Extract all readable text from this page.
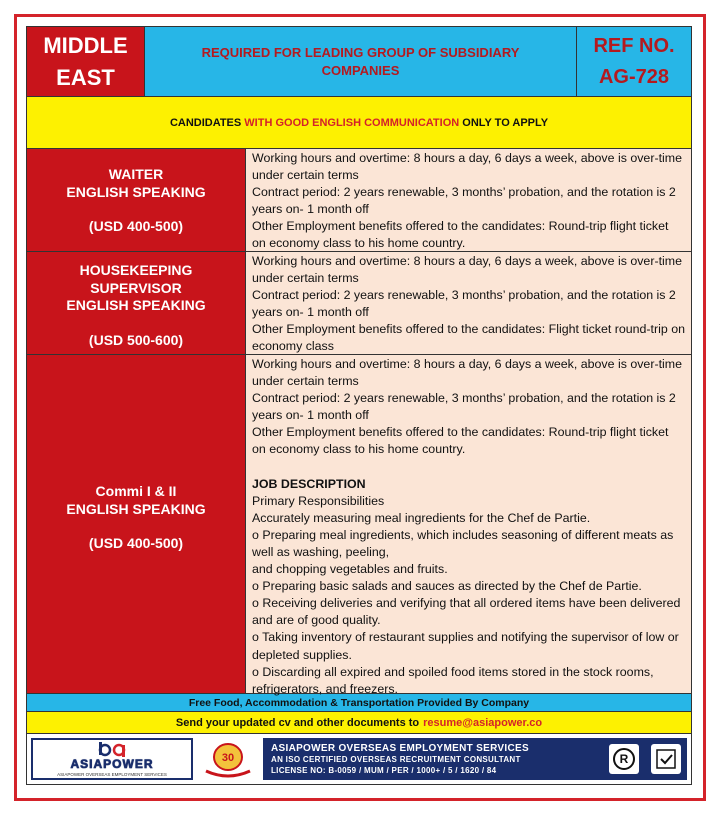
MIDDLE
EAST
REQUIRED FOR LEADING GROUP OF SUBSIDIARY COMPANIES
REF NO.
AG-728
CANDIDATES
WITH GOOD ENGLISH COMMUNICATION
ONLY TO APPLY
WAITER
ENGLISH SPEAKING
(USD 400-500)

Working hours and overtime: 8 hours a day, 6 days a week, above is over-time under certain terms

Contract period: 2 years renewable, 3 months’ probation, and the rotation is 2 years on- 1 month off

Other Employment benefits offered to the candidates: Round-trip flight ticket on economy class to his home country.

HOUSEKEEPING
SUPERVISOR
ENGLISH SPEAKING
(USD 500-600)

Working hours and overtime: 8 hours a day, 6 days a week, above is over-time under certain terms

Contract period: 2 years renewable, 3 months’ probation, and the rotation is 2 years on- 1 month off

Other Employment benefits offered to the candidates: Flight ticket round-trip on economy class

Commi I & II
ENGLISH SPEAKING
(USD 400-500)

Working hours and overtime: 8 hours a day, 6 days a week, above is over-time under certain terms

Contract period: 2 years renewable, 3 months’ probation, and the rotation is 2 years on- 1 month off

Other Employment benefits offered to the candidates: Round-trip flight ticket on economy class to his home country.

JOB DESCRIPTION

Primary Responsibilities

Accurately measuring meal ingredients for the Chef de Partie.

o Preparing meal ingredients, which includes seasoning of different meats as well as washing, peeling,

and chopping vegetables and fruits.

o Preparing basic salads and sauces as directed by the Chef de Partie.

o Receiving deliveries and verifying that all ordered items have been delivered and are of good quality.

o Taking inventory of restaurant supplies and notifying the supervisor of low or depleted supplies.

o Discarding all expired and spoiled food items stored in the stock rooms, refrigerators, and freezers.

Free Food, Accommodation & Transportation Provided By Company
Send your updated cv and other documents to resume@asiapower.co
ASIAPOWER
ASIAPOWER OVERSEAS EMPLOYMENT SERVICES
30
ASIAPOWER OVERSEAS EMPLOYMENT SERVICES
AN ISO CERTIFIED OVERSEAS RECRUITMENT CONSULTANT
LICENSE NO: B-0059 / MUM / PER / 1000+ / 5 / 1620 / 84
R
